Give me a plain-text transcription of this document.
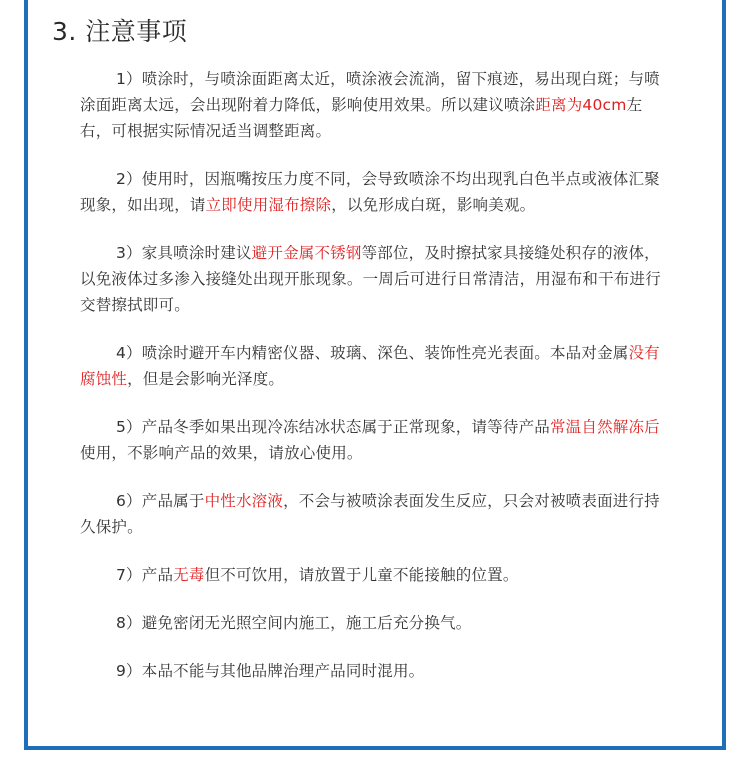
3. 注意事项

1）喷涂时，与喷涂面距离太近，喷涂液会流淌，留下痕迹，易出现白斑；与喷涂面距离太远，会出现附着力降低，影响使用效果。所以建议喷涂距离为40cm左右，可根据实际情况适当调整距离。

2）使用时，因瓶嘴按压力度不同，会导致喷涂不均出现乳白色半点或液体汇聚现象，如出现，请立即使用湿布擦除，以免形成白斑，影响美观。

3）家具喷涂时建议避开金属不锈钢等部位，及时擦拭家具接缝处积存的液体，以免液体过多渗入接缝处出现开胀现象。一周后可进行日常清洁，用湿布和干布进行交替擦拭即可。

4）喷涂时避开车内精密仪器、玻璃、深色、装饰性亮光表面。本品对金属没有腐蚀性，但是会影响光泽度。

5）产品冬季如果出现冷冻结冰状态属于正常现象，请等待产品常温自然解冻后使用，不影响产品的效果，请放心使用。

6）产品属于中性水溶液，不会与被喷涂表面发生反应，只会对被喷表面进行持久保护。

7）产品无毒但不可饮用，请放置于儿童不能接触的位置。

8）避免密闭无光照空间内施工，施工后充分换气。

9）本品不能与其他品牌治理产品同时混用。
